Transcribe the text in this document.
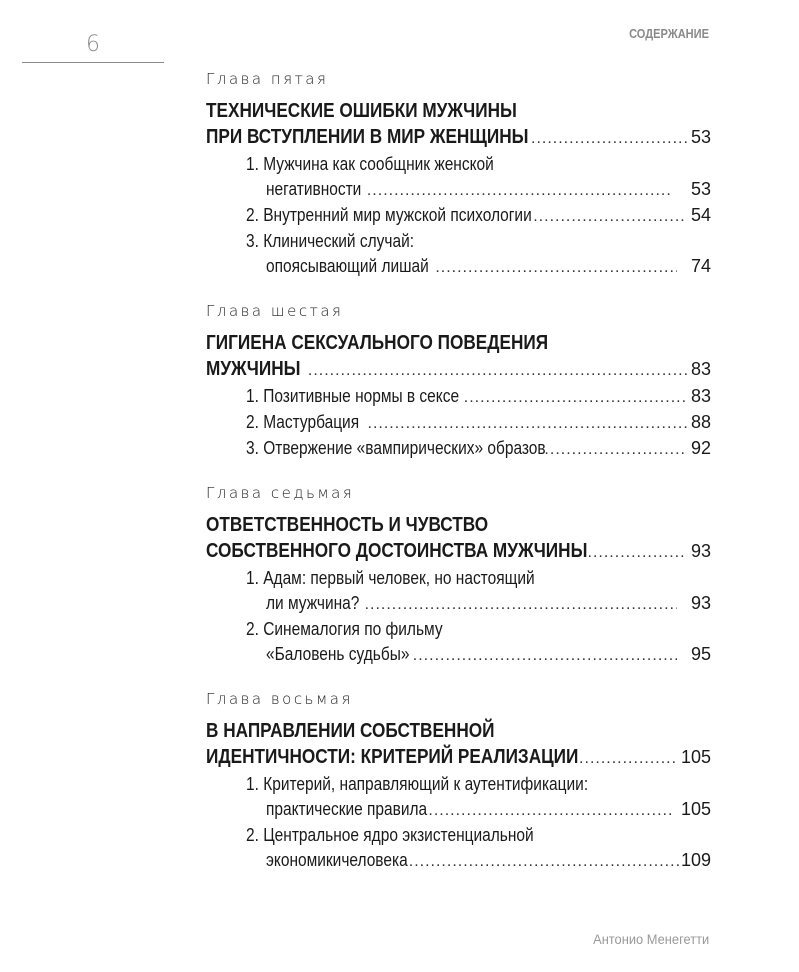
6	СОДЕРЖАНИЕ
Глава пятая
ТЕХНИЧЕСКИЕ ОШИБКИ МУЖЧИНЫ
ПРИ ВСТУПЛЕНИИ В МИР ЖЕНЩИНЫ .....	53
1. Мужчина как сообщник женской
негативности .....	53
2. Внутренний мир мужской психологии .....	54
3. Клинический случай:
опоясывающий лишай .....	74
Глава шестая
ГИГИЕНА СЕКСУАЛЬНОГО ПОВЕДЕНИЯ
МУЖЧИНЫ .....	83
1. Позитивные нормы в сексе .....	83
2. Мастурбация .....	88
3. Отвержение «вампирических» образов .....	92
Глава седьмая
ОТВЕТСТВЕННОСТЬ И ЧУВСТВО
СОБСТВЕННОГО ДОСТОИНСТВА МУЖЧИНЫ .....	93
1. Адам: первый человек, но настоящий
ли мужчина? .....	93
2. Синемалогия по фильму
«Баловень судьбы» .....	95
Глава восьмая
В НАПРАВЛЕНИИ СОБСТВЕННОЙ
ИДЕНТИЧНОСТИ: КРИТЕРИЙ РЕАЛИЗАЦИИ .....	105
1. Критерий, направляющий к аутентификации:
практические правила .....	105
2. Центральное ядро экзистенциальной
экономикичеловека .....	109
Антонио Менегетти
